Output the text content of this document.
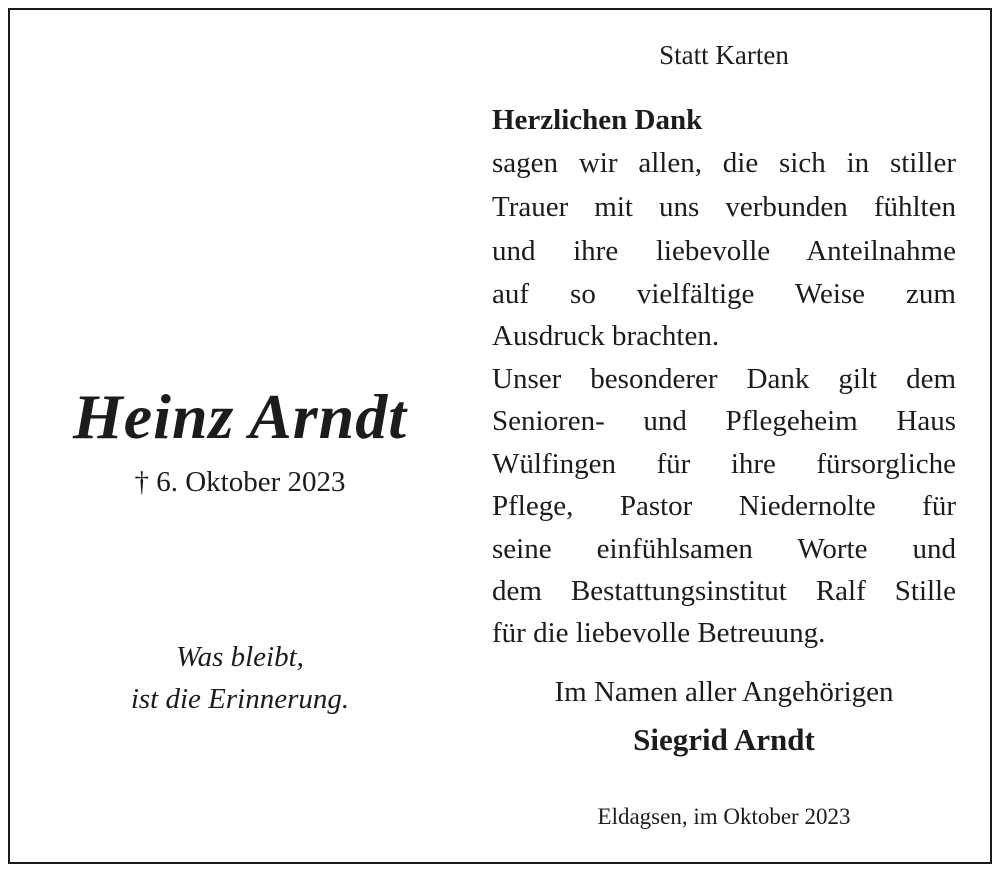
Heinz Arndt
† 6. Oktober 2023
Was bleibt,
ist die Erinnerung.
Statt Karten
Herzlichen Dank
sagen wir allen, die sich in stiller
Trauer mit uns verbunden fühlten
und ihre liebevolle Anteilnahme
auf so vielfältige Weise zum
Ausdruck brachten.
Unser besonderer Dank gilt dem
Senioren- und Pflegeheim Haus
Wülfingen für ihre fürsorgliche
Pflege, Pastor Niedernolte für
seine einfühlsamen Worte und
dem Bestattungsinstitut Ralf Stille
für die liebevolle Betreuung.
Im Namen aller Angehörigen
Siegrid Arndt
Eldagsen, im Oktober 2023
